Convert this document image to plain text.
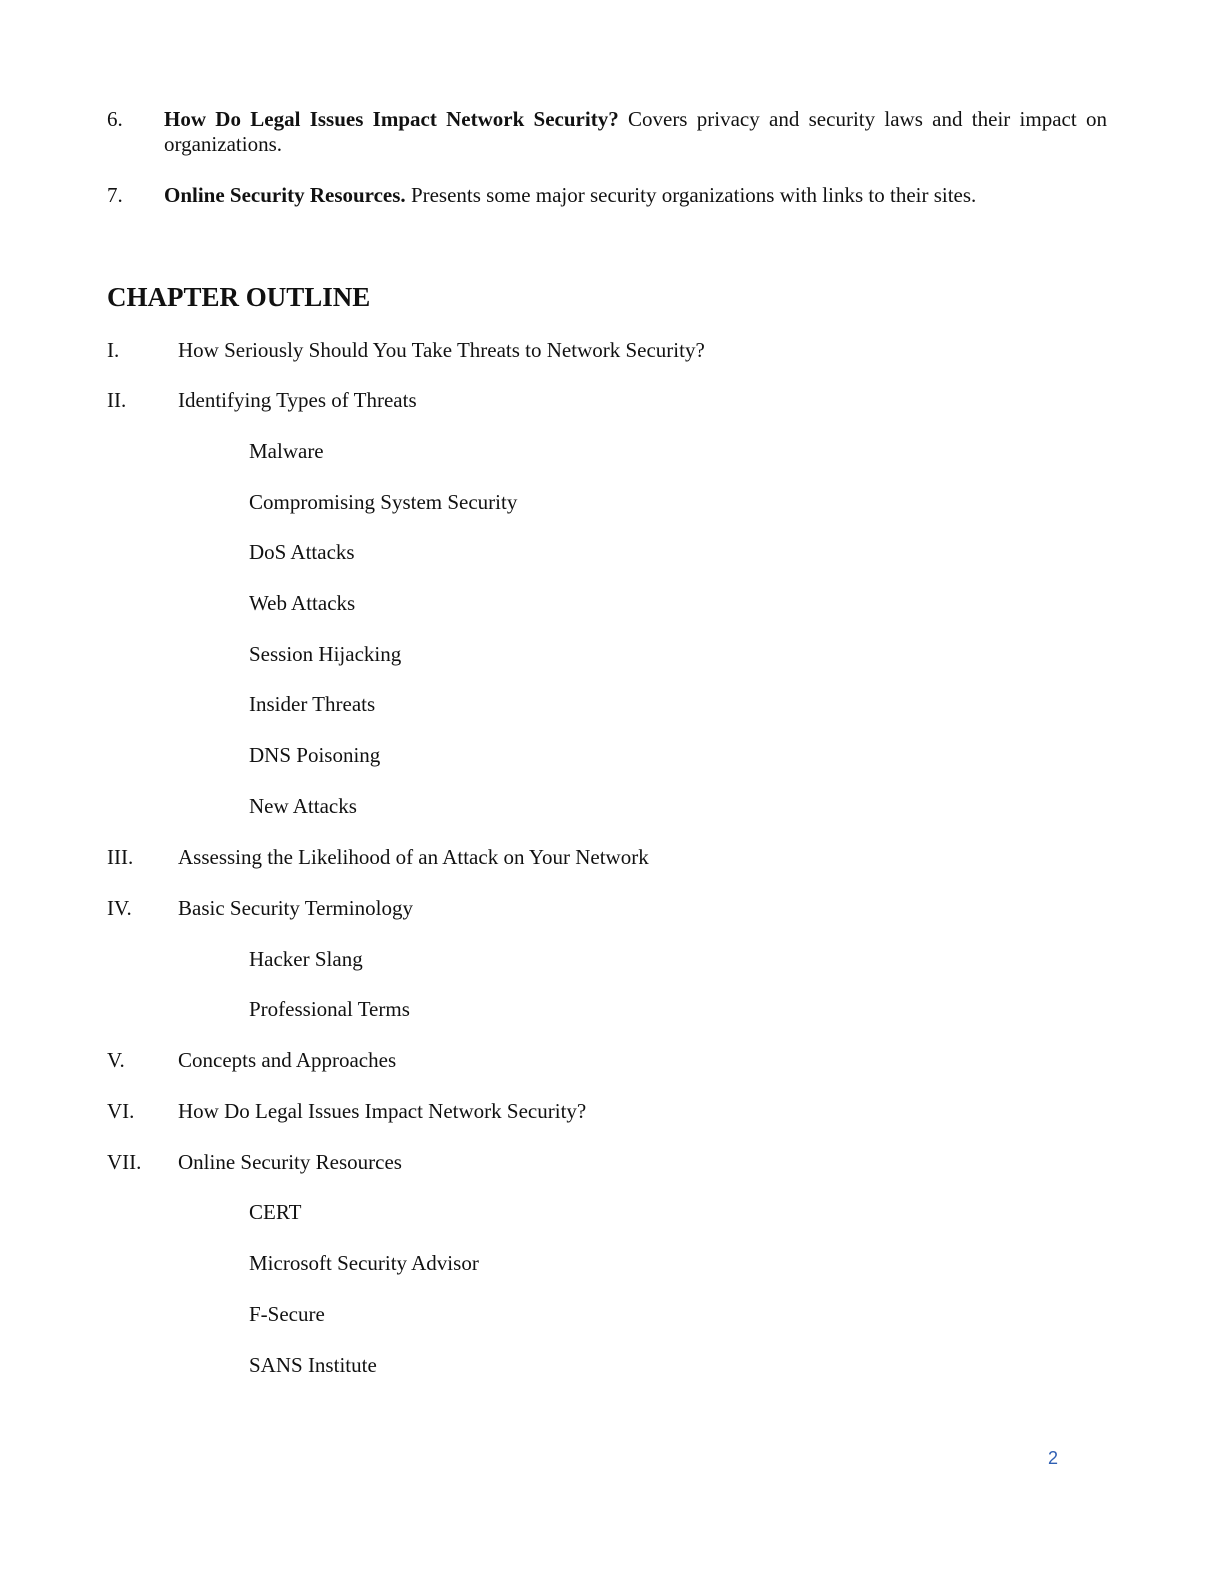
6. How Do Legal Issues Impact Network Security? Covers privacy and security laws and their impact on organizations.
7. Online Security Resources. Presents some major security organizations with links to their sites.
CHAPTER OUTLINE
I.	How Seriously Should You Take Threats to Network Security?
II. Identifying Types of Threats
Malware
Compromising System Security
DoS Attacks
Web Attacks
Session Hijacking
Insider Threats
DNS Poisoning
New Attacks
III. Assessing the Likelihood of an Attack on Your Network
IV. Basic Security Terminology
Hacker Slang
Professional Terms
V.	Concepts and Approaches
VI. How Do Legal Issues Impact Network Security?
VII. Online Security Resources
CERT
Microsoft Security Advisor
F-Secure
SANS Institute
2
